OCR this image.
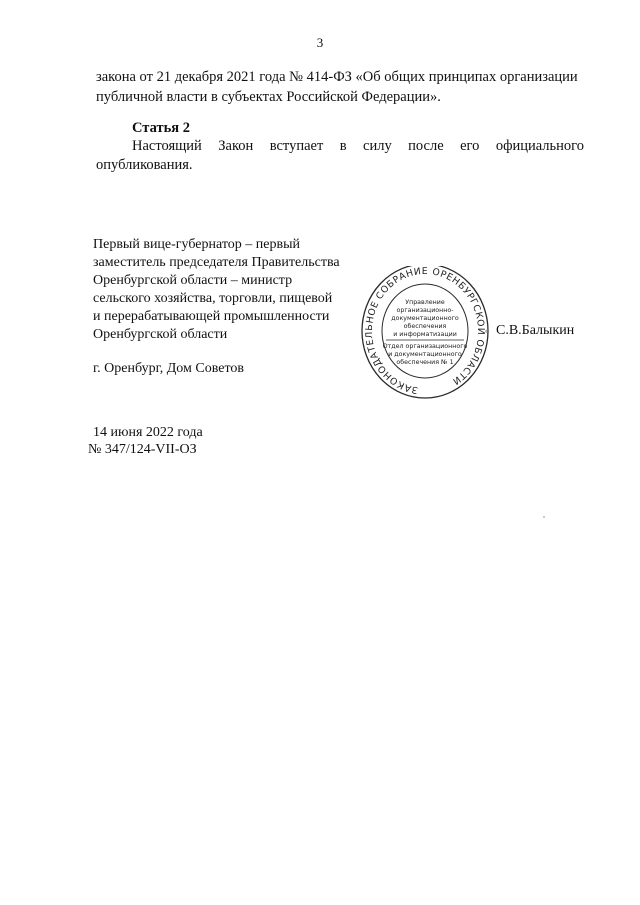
3
закона от 21 декабря 2021 года № 414-ФЗ «Об общих принципах организации публичной власти в субъектах Российской Федерации».
Статья 2
Настоящий Закон вступает в силу после его официального опубликования.
Первый вице-губернатор – первый
заместитель председателя Правительства
Оренбургской области – министр
сельского хозяйства, торговли, пищевой
и перерабатывающей промышленности
Оренбургской области
г. Оренбург, Дом Советов
ЗАКОНОДАТЕЛЬНОЕ СОБРАНИЕ ОРЕНБУРГСКОЙ ОБЛАСТИ
Управление
организационно-
документационного
обеспечения
и информатизации
Отдел организационного
и документационного
обеспечения № 1
С.В.Балыкин
14 июня 2022 года
№ 347/124-VII-ОЗ
